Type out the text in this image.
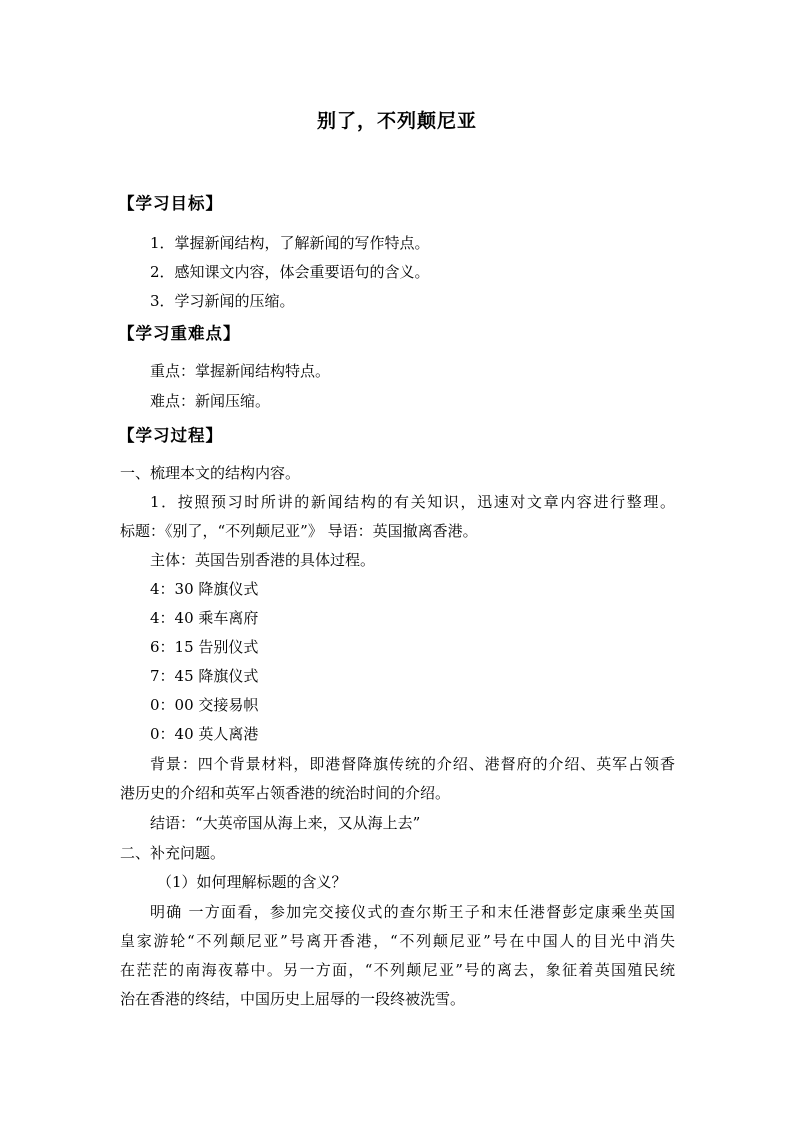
别了，不列颠尼亚
【学习目标】
1．掌握新闻结构，了解新闻的写作特点。
2．感知课文内容，体会重要语句的含义。
3．学习新闻的压缩。
【学习重难点】
重点：掌握新闻结构特点。
难点：新闻压缩。
【学习过程】
一、梳理本文的结构内容。
1．按照预习时所讲的新闻结构的有关知识，迅速对文章内容进行整理。
标题：《别了，“不列颠尼亚”》 导语：英国撤离香港。
主体：英国告别香港的具体过程。
4：30 降旗仪式
4：40 乘车离府
6：15 告别仪式
7：45 降旗仪式
0：00 交接易帜
0：40 英人离港
背景：四个背景材料，即港督降旗传统的介绍、港督府的介绍、英军占领香
港历史的介绍和英军占领香港的统治时间的介绍。
结语：“大英帝国从海上来，又从海上去”
二、补充问题。
（1）如何理解标题的含义？
明确 一方面看，参加完交接仪式的查尔斯王子和末任港督彭定康乘坐英国
皇家游轮“不列颠尼亚”号离开香港，“不列颠尼亚”号在中国人的目光中消失
在茫茫的南海夜幕中。另一方面，“不列颠尼亚”号的离去，象征着英国殖民统
治在香港的终结，中国历史上屈辱的一段终被洗雪。
